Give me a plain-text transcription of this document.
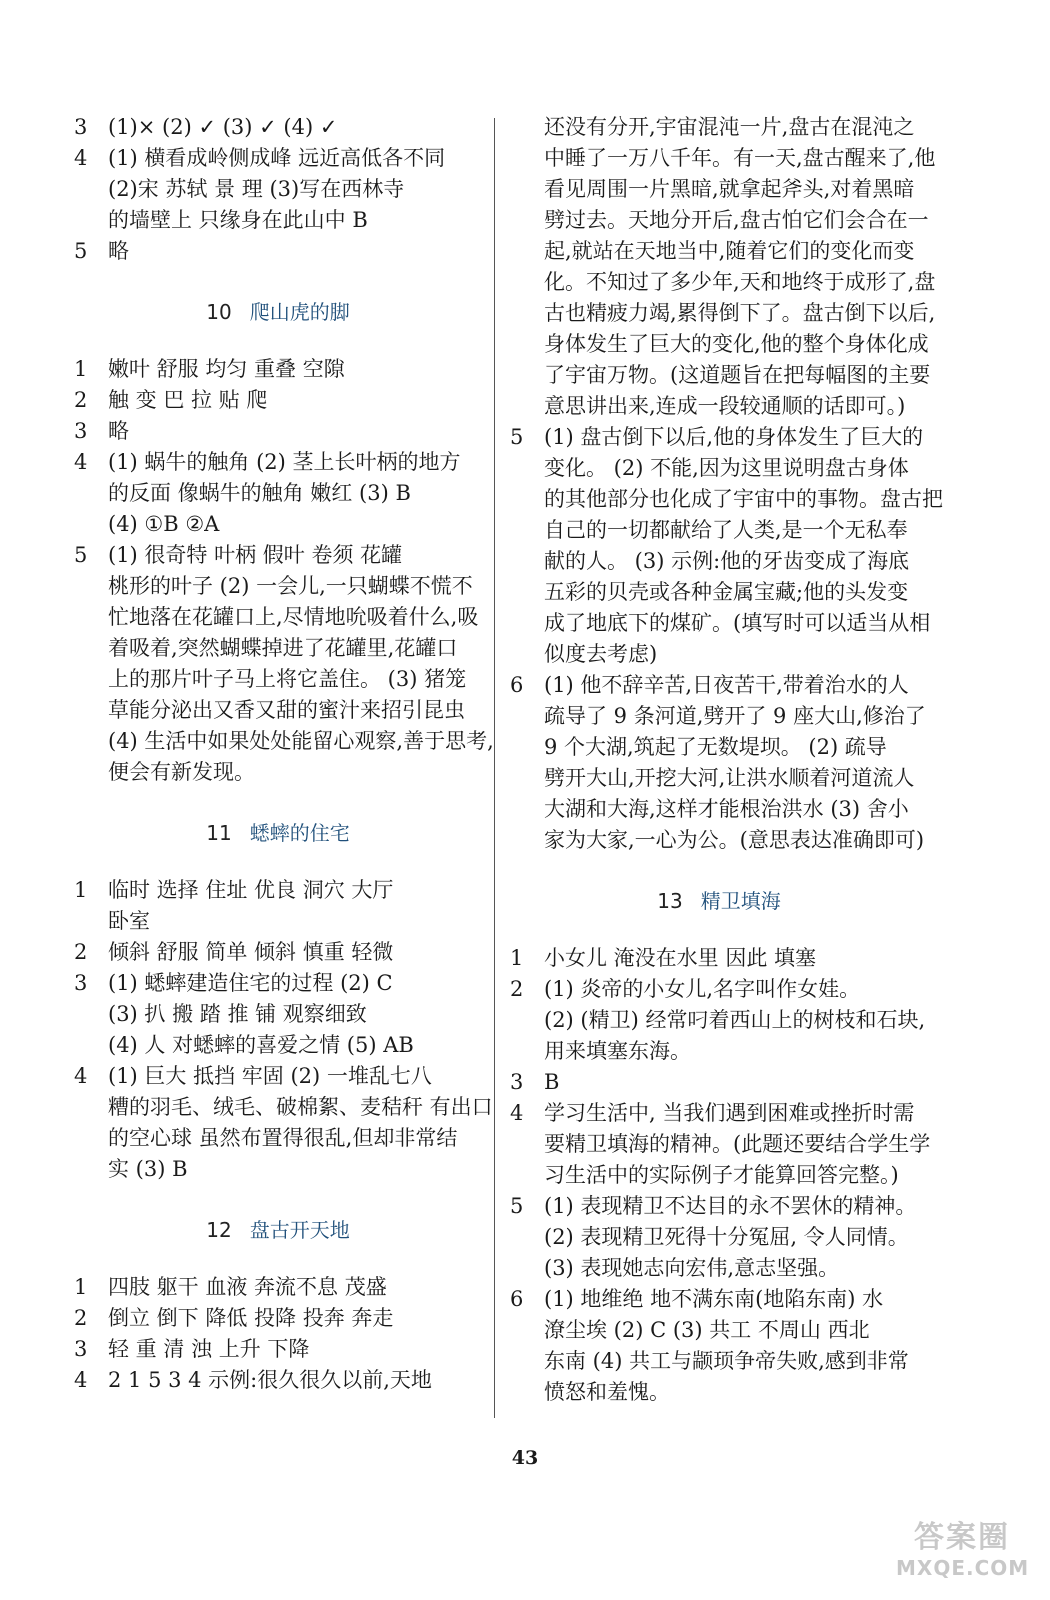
3 (1)× (2) ✓ (3) ✓ (4) ✓
4 (1) 横看成岭侧成峰 远近高低各不同
(2)宋 苏轼 景 理 (3)写在西林寺
的墙壁上 只缘身在此山中 B
5 略
10 爬山虎的脚
1 嫩叶 舒服 均匀 重叠 空隙
2 触 变 巴 拉 贴 爬
3 略
4 (1) 蜗牛的触角 (2) 茎上长叶柄的地方
的反面 像蜗牛的触角 嫩红 (3) B
(4) ①B ②A
5 (1) 很奇特 叶柄 假叶 卷须 花罐
桃形的叶子 (2) 一会儿,一只蝴蝶不慌不
忙地落在花罐口上,尽情地吮吸着什么,吸
着吸着,突然蝴蝶掉进了花罐里,花罐口
上的那片叶子马上将它盖住。 (3) 猪笼
草能分泌出又香又甜的蜜汁来招引昆虫
(4) 生活中如果处处能留心观察,善于思考,
便会有新发现。
11 蟋蟀的住宅
1 临时 选择 住址 优良 洞穴 大厅
卧室
2 倾斜 舒服 简单 倾斜 慎重 轻微
3 (1) 蟋蟀建造住宅的过程 (2) C
(3) 扒 搬 踏 推 铺 观察细致
(4) 人 对蟋蟀的喜爱之情 (5) AB
4 (1) 巨大 抵挡 牢固 (2) 一堆乱七八
糟的羽毛、绒毛、破棉絮、麦秸秆 有出口
的空心球 虽然布置得很乱,但却非常结
实 (3) B
12 盘古开天地
1 四肢 躯干 血液 奔流不息 茂盛
2 倒立 倒下 降低 投降 投奔 奔走
3 轻 重 清 浊 上升 下降
4 2 1 5 3 4 示例:很久很久以前,天地
还没有分开,宇宙混沌一片,盘古在混沌之
中睡了一万八千年。有一天,盘古醒来了,他
看见周围一片黑暗,就拿起斧头,对着黑暗
劈过去。天地分开后,盘古怕它们会合在一
起,就站在天地当中,随着它们的变化而变
化。不知过了多少年,天和地终于成形了,盘
古也精疲力竭,累得倒下了。盘古倒下以后,
身体发生了巨大的变化,他的整个身体化成
了宇宙万物。(这道题旨在把每幅图的主要
意思讲出来,连成一段较通顺的话即可。)
5 (1) 盘古倒下以后,他的身体发生了巨大的
变化。 (2) 不能,因为这里说明盘古身体
的其他部分也化成了宇宙中的事物。盘古把
自己的一切都献给了人类,是一个无私奉
献的人。 (3) 示例:他的牙齿变成了海底
五彩的贝壳或各种金属宝藏;他的头发变
成了地底下的煤矿。(填写时可以适当从相
似度去考虑)
6 (1) 他不辞辛苦,日夜苦干,带着治水的人
疏导了 9 条河道,劈开了 9 座大山,修治了
9 个大湖,筑起了无数堤坝。 (2) 疏导
劈开大山,开挖大河,让洪水顺着河道流人
大湖和大海,这样才能根治洪水 (3) 舍小
家为大家,一心为公。(意思表达准确即可)
13 精卫填海
1 小女儿 淹没在水里 因此 填塞
2 (1) 炎帝的小女儿,名字叫作女娃。
(2) (精卫) 经常叼着西山上的树枝和石块,
用来填塞东海。
3 B
4 学习生活中, 当我们遇到困难或挫折时需
要精卫填海的精神。(此题还要结合学生学
习生活中的实际例子才能算回答完整。)
5 (1) 表现精卫不达目的永不罢休的精神。
(2) 表现精卫死得十分冤屈, 令人同情。
(3) 表现她志向宏伟,意志坚强。
6 (1) 地维绝 地不满东南(地陷东南) 水
潦尘埃 (2) C (3) 共工 不周山 西北
东南 (4) 共工与颛顼争帝失败,感到非常
愤怒和羞愧。
43
答案圈
MXQE.COM
